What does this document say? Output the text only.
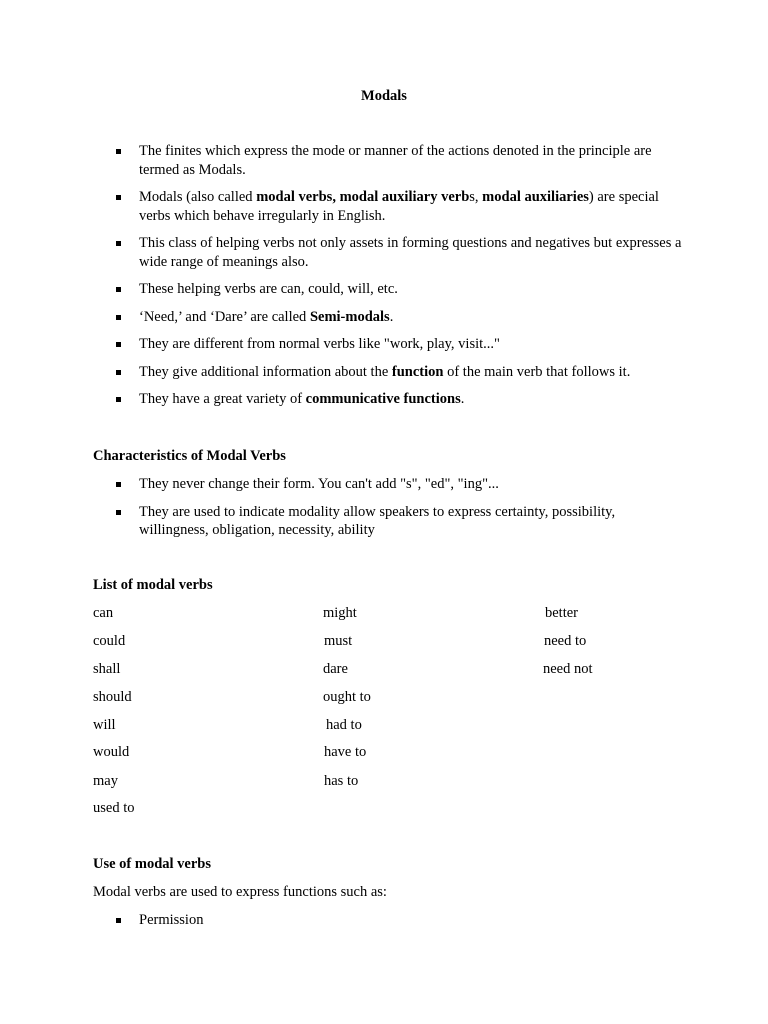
Modals
The finites which express the mode or manner of the actions denoted in the principle are termed as Modals.
Modals (also called modal verbs, modal auxiliary verbs, modal auxiliaries) are special verbs which behave irregularly in English.
This class of helping verbs not only assets in forming questions and negatives but expresses a wide range of meanings also.
These helping verbs are can, could, will, etc.
‘Need,’ and ‘Dare’ are called Semi-modals.
They are different from normal verbs like "work, play, visit..."
They give additional information about the function of the main verb that follows it.
They have a great variety of communicative functions.
Characteristics of Modal Verbs
They never change their form. You can't add "s", "ed", "ing"...
They are used to indicate modality allow speakers to express certainty, possibility, willingness, obligation, necessity, ability
List of modal verbs
can
could
shall
should
will
would
may
used to
might
must
dare
ought to
had to
have to
has to
better
need to
need not
Use of modal verbs
Modal verbs are used to express functions such as:
Permission
